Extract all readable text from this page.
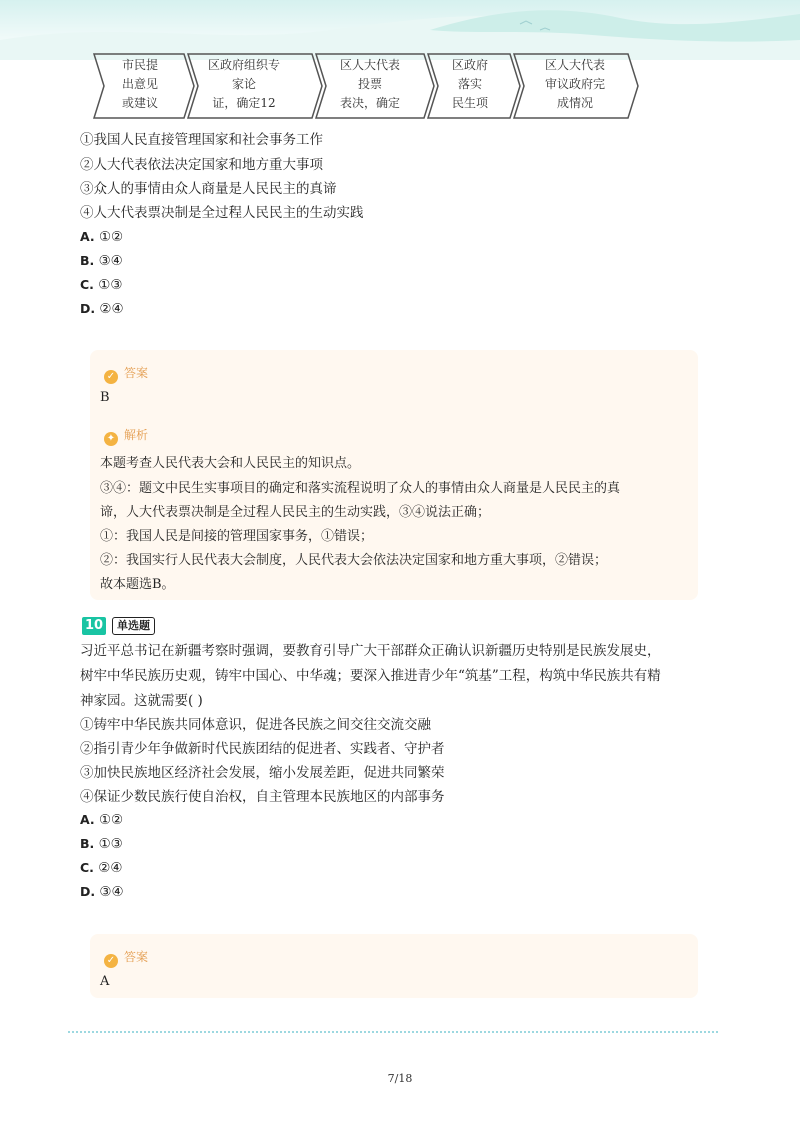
市民提
出意见
或建议
区政府组织专
家论
证，确定12
区人大代表
投票
表决，确定
区政府
落实
民生项
区人大代表
审议政府完
成情况
①我国人民直接管理国家和社会事务工作
②人大代表依法决定国家和地方重大事项
③众人的事情由众人商量是人民民主的真谛
④人大代表票决制是全过程人民民主的生动实践
A. ①②
B. ③④
C. ①③
D. ②④
✓ 答案
B
✦ 解析
本题考查人民代表大会和人民民主的知识点。
③④：题文中民生实事项目的确定和落实流程说明了众人的事情由众人商量是人民民主的真
谛，人大代表票决制是全过程人民民主的生动实践，③④说法正确；
①：我国人民是间接的管理国家事务，①错误；
②：我国实行人民代表大会制度，人民代表大会依法决定国家和地方重大事项，②错误；
故本题选B。
10	单选题
习近平总书记在新疆考察时强调，要教育引导广大干部群众正确认识新疆历史特别是民族发展史，
树牢中华民族历史观，铸牢中国心、中华魂；要深入推进青少年“筑基”工程，构筑中华民族共有精
神家园。这就需要( )
①铸牢中华民族共同体意识，促进各民族之间交往交流交融
②指引青少年争做新时代民族团结的促进者、实践者、守护者
③加快民族地区经济社会发展，缩小发展差距，促进共同繁荣
④保证少数民族行使自治权，自主管理本民族地区的内部事务
A. ①②
B. ①③
C. ②④
D. ③④
✓ 答案
A
7/18
